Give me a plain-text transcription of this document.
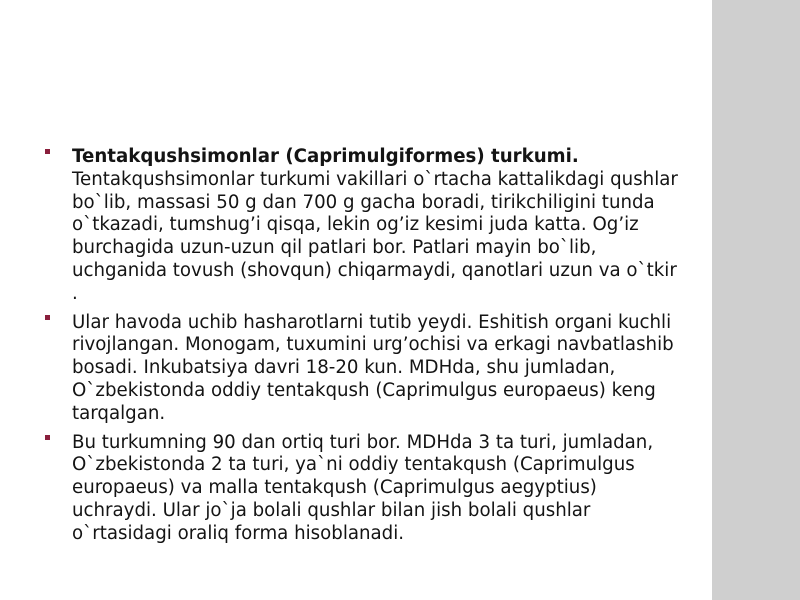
Tentakqushsimonlar (Caprimulgiformes) turkumi. Tentakqushsimonlar turkumi vakillari o`rtacha kattalikdagi qushlar bo`lib, massasi 50 g dan 700 g gacha boradi, tirikchiligini tunda o`tkazadi, tumshug’i qisqa, lekin og’iz kesimi juda katta. Og’iz burchagida uzun-uzun qil patlari bor. Patlari mayin bo`lib, uchganida tovush (shovqun) chiqarmaydi, qanotlari uzun va o`tkir .
Ular havoda uchib hasharotlarni tutib yeydi. Eshitish organi kuchli rivojlangan. Monogam, tuxumini urg’ochisi va erkagi navbatlashib bosadi. Inkubatsiya davri 18-20 kun. MDHda, shu jumladan, O`zbekistonda oddiy tentakqush (Caprimulgus europaeus) keng tarqalgan.
Bu turkumning 90 dan ortiq turi bor. MDHda 3 ta turi, jumladan, O`zbekistonda 2 ta turi, ya`ni oddiy tentakqush (Caprimulgus europaeus) va malla tentakqush (Caprimulgus aegyptius) uchraydi. Ular jo`ja bolali qushlar bilan jish bolali qushlar o`rtasidagi oraliq forma hisoblanadi.
